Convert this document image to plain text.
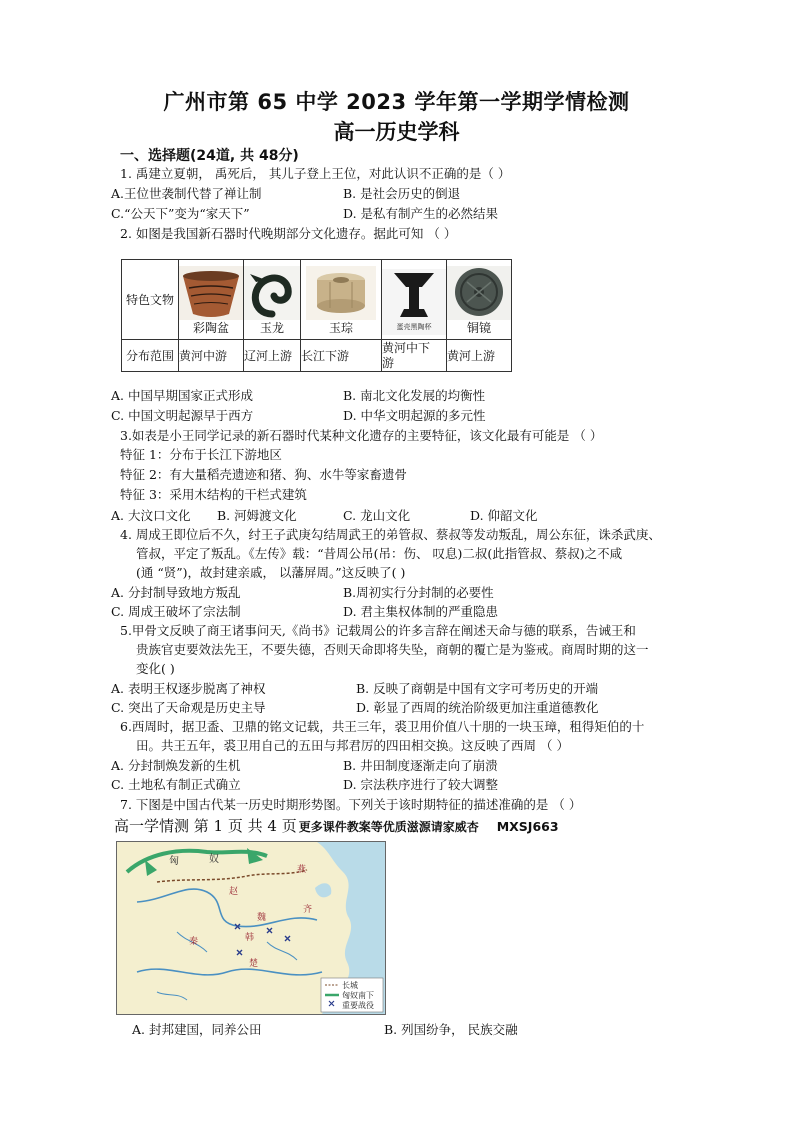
广州市第 65 中学 2023 学年第一学期学情检测
高一历史学科
一、选择题(24道, 共 48分)
1. 禹建立夏朝， 禹死后， 其儿子登上王位，对此认识不正确的是（ ）
A.王位世袭制代替了禅让制	B. 是社会历史的倒退
C.“公天下”变为“家天下”	D. 是私有制产生的必然结果
2. 如图是我国新石器时代晚期部分文化遗存。据此可知 （ ）
特色文物	彩陶盆	玉龙	玉琮	蛋壳黑陶杯	铜镜

分布范围	黄河中游	辽河上游	长江下游	黄河中下
游	黄河上游
A. 中国早期国家正式形成	B. 南北文化发展的均衡性
C. 中国文明起源早于西方	D. 中华文明起源的多元性
3.如表是小王同学记录的新石器时代某种文化遗存的主要特征，该文化最有可能是 （ ）
特征 1：分布于长江下游地区
特征 2：有大量稻壳遗迹和猪、狗、水牛等家畜遗骨
特征 3：采用木结构的干栏式建筑
A. 大汶口文化 B. 河姆渡文化	C. 龙山文化	D. 仰韶文化
4. 周成王即位后不久，纣王子武庚勾结周武王的弟管叔、蔡叔等发动叛乱，周公东征，诛杀武庚、
管叔，平定了叛乱。《左传》载：“昔周公吊(吊：伤、 叹息)二叔(此指管叔、蔡叔)之不咸
(通 “贤”)，故封建亲戚， 以藩屏周。”这反映了( )
A. 分封制导致地方叛乱	B.周初实行分封制的必要性
C. 周成王破坏了宗法制	D. 君主集权体制的严重隐患
5.甲骨文反映了商王诸事问天,《尚书》记载周公的许多言辞在阐述天命与德的联系，告诫王和
贵族官吏要效法先王，不要失德，否则天命即将失坠，商朝的覆亡是为鉴戒。商周时期的这一
变化( )
A. 表明王权逐步脱离了神权	B. 反映了商朝是中国有文字可考历史的开端
C. 突出了天命观是历史主导	D. 彰显了西周的统治阶级更加注重道德教化
6.西周时，据卫盉、卫鼎的铭文记载，共王三年，裘卫用价值八十朋的一块玉璋，租得矩伯的十
田。共王五年，裘卫用自己的五田与邦君厉的四田相交换。这反映了西周 （ ）
A. 分封制焕发新的生机	B. 井田制度逐渐走向了崩溃
C. 土地私有制正式确立	D. 宗法秩序进行了较大调整
7. 下图是中国古代某一历史时期形势图。下列关于该时期特征的描述准确的是 （ ）
高一学情测 第 1 页 共 4 页 更多课件教案等优质滋源请家威杏 MXSJ663
匈	奴
燕
赵
魏
齐
韩
秦
楚
长城
匈奴南下
重要战役
A. 封邦建国，同养公田	B. 列国纷争， 民族交融
